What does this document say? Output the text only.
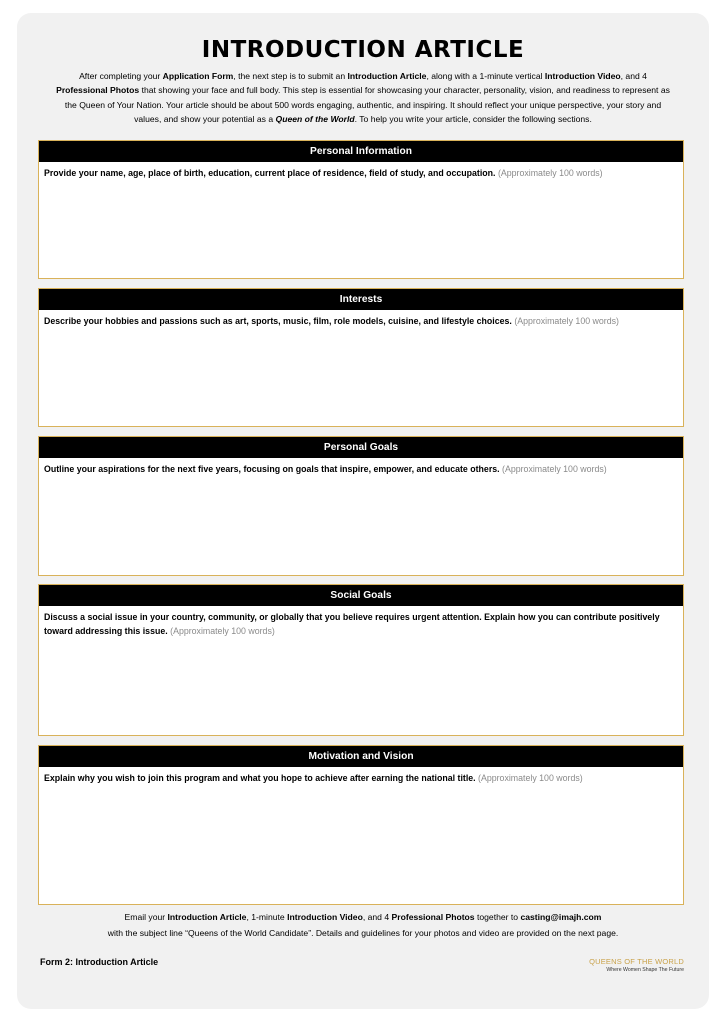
INTRODUCTION ARTICLE

After completing your Application Form, the next step is to submit an Introduction Article, along with a 1-minute vertical Introduction Video, and 4 Professional Photos that showing your face and full body. This step is essential for showcasing your character, personality, vision, and readiness to represent as the Queen of Your Nation. Your article should be about 500 words engaging, authentic, and inspiring. It should reflect your unique perspective, your story and values, and show your potential as a Queen of the World. To help you write your article, consider the following sections.

Personal Information

Provide your name, age, place of birth, education, current place of residence, field of study, and occupation. (Approximately 100 words)

Interests

Describe your hobbies and passions such as art, sports, music, film, role models, cuisine, and lifestyle choices. (Approximately 100 words)

Personal Goals

Outline your aspirations for the next five years, focusing on goals that inspire, empower, and educate others. (Approximately 100 words)

Social Goals

Discuss a social issue in your country, community, or globally that you believe requires urgent attention. Explain how you can contribute positively toward addressing this issue. (Approximately 100 words)

Motivation and Vision

Explain why you wish to join this program and what you hope to achieve after earning the national title. (Approximately 100 words)

Email your Introduction Article, 1-minute Introduction Video, and 4 Professional Photos together to casting@imajh.com
with the subject line “Queens of the World Candidate”. Details and guidelines for your photos and video are provided on the next page.

Form 2: Introduction Article	QUEENS OF THE WORLD
Where Women Shape The Future
